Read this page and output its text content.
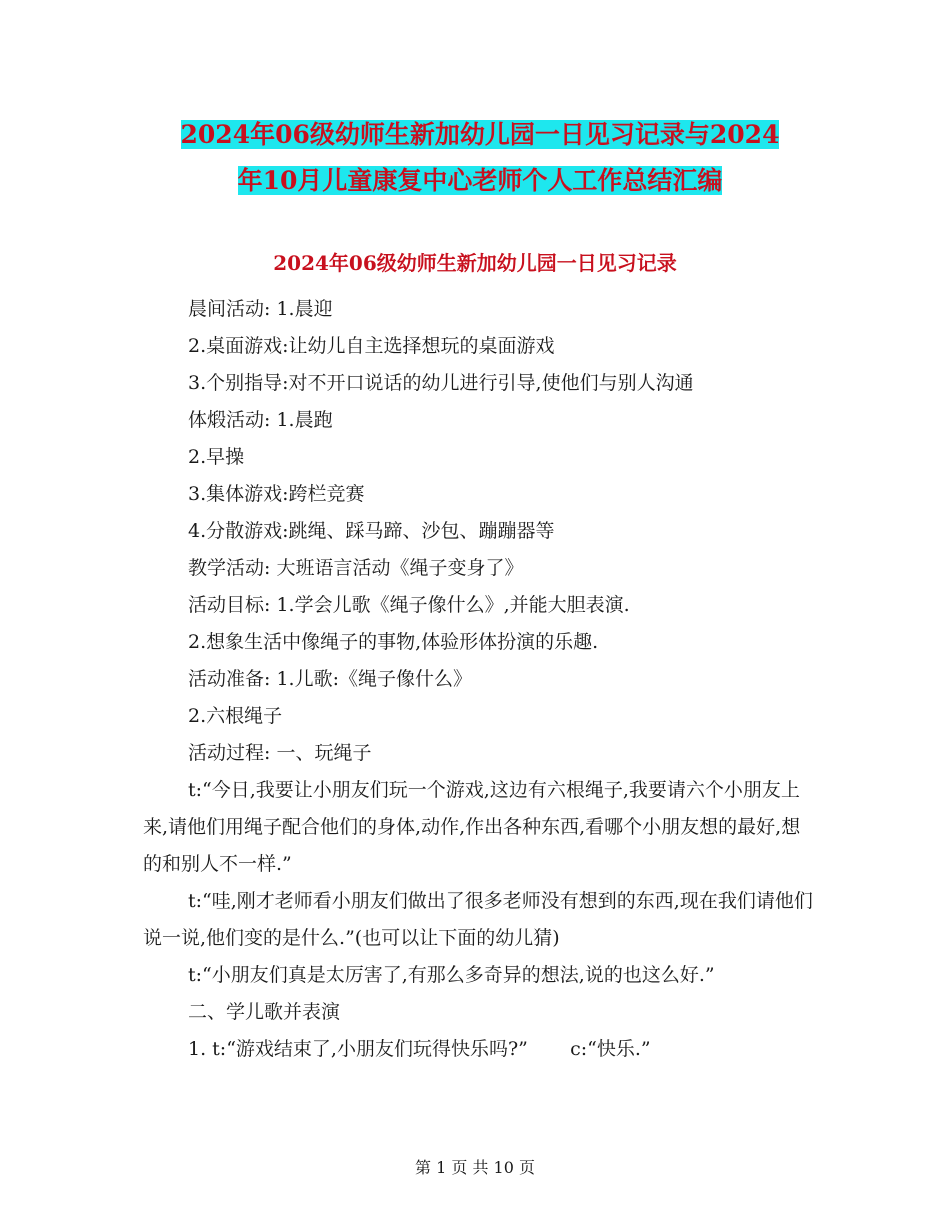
2024年06级幼师生新加幼儿园一日见习记录与2024
年10月儿童康复中心老师个人工作总结汇编
2024年06级幼师生新加幼儿园一日见习记录

晨间活动: 1.晨迎

2.桌面游戏:让幼儿自主选择想玩的桌面游戏

3.个别指导:对不开口说话的幼儿进行引导,使他们与别人沟通

体煅活动: 1.晨跑

2.早操

3.集体游戏:跨栏竞赛

4.分散游戏:跳绳、踩马蹄、沙包、蹦蹦器等

教学活动: 大班语言活动《绳子变身了》

活动目标: 1.学会儿歌《绳子像什么》,并能大胆表演.

2.想象生活中像绳子的事物,体验形体扮演的乐趣.

活动准备: 1.儿歌:《绳子像什么》

2.六根绳子

活动过程: 一、玩绳子

t:“今日,我要让小朋友们玩一个游戏,这边有六根绳子,我要请六个小朋友上来,请他们用绳子配合他们的身体,动作,作出各种东西,看哪个小朋友想的最好,想的和别人不一样.”

t:“哇,刚才老师看小朋友们做出了很多老师没有想到的东西,现在我们请他们说一说,他们变的是什么.”(也可以让下面的幼儿猜)

t:“小朋友们真是太厉害了,有那么多奇异的想法,说的也这么好.”

二、学儿歌并表演

1. t:“游戏结束了,小朋友们玩得快乐吗?”       c:“快乐.”

第 1 页 共 10 页
